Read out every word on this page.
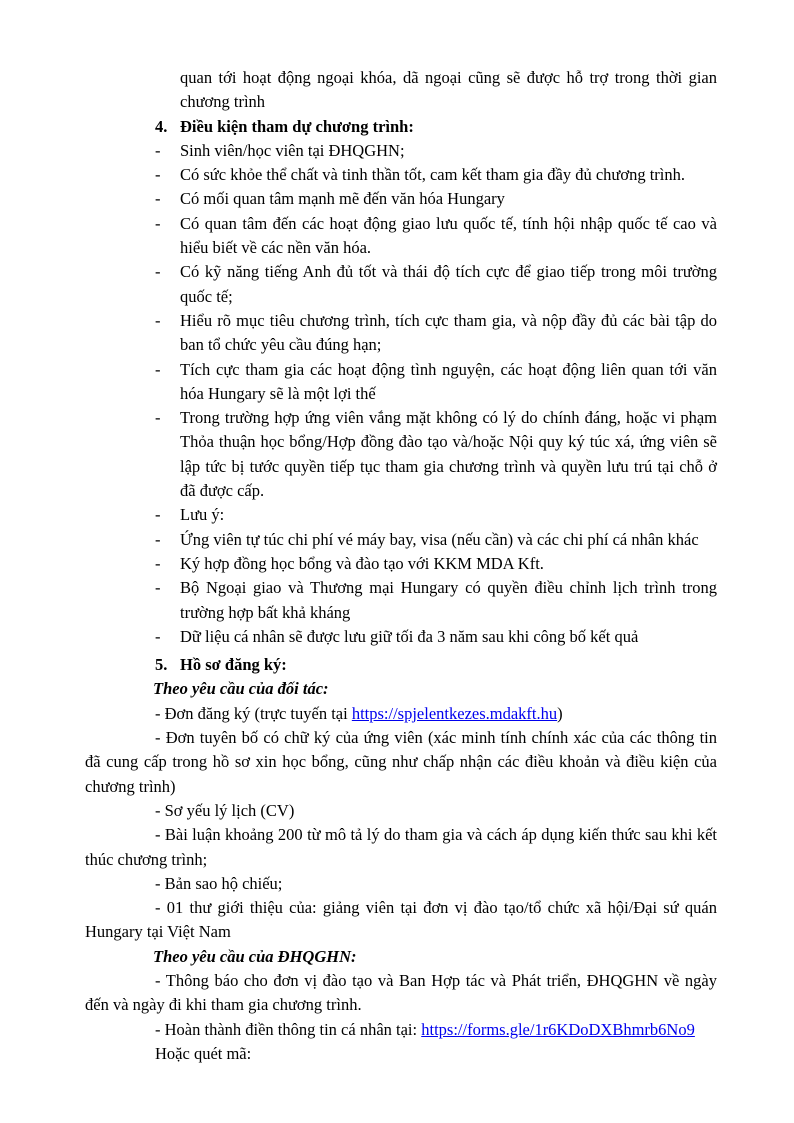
quan tới hoạt động ngoại khóa, dã ngoại cũng sẽ được hỗ trợ trong thời gian chương trình

4. Điều kiện tham dự chương trình:

- Sinh viên/học viên tại ĐHQGHN;
- Có sức khỏe thể chất và tinh thần tốt, cam kết tham gia đầy đủ chương trình.
- Có mối quan tâm mạnh mẽ đến văn hóa Hungary
- Có quan tâm đến các hoạt động giao lưu quốc tế, tính hội nhập quốc tế cao và hiểu biết về các nền văn hóa.
- Có kỹ năng tiếng Anh đủ tốt và thái độ tích cực để giao tiếp trong môi trường quốc tế;
- Hiểu rõ mục tiêu chương trình, tích cực tham gia, và nộp đầy đủ các bài tập do ban tổ chức yêu cầu đúng hạn;
- Tích cực tham gia các hoạt động tình nguyện, các hoạt động liên quan tới văn hóa Hungary sẽ là một lợi thế
- Trong trường hợp ứng viên vắng mặt không có lý do chính đáng, hoặc vi phạm Thỏa thuận học bổng/Hợp đồng đào tạo và/hoặc Nội quy ký túc xá, ứng viên sẽ lập tức bị tước quyền tiếp tục tham gia chương trình và quyền lưu trú tại chỗ ở đã được cấp.
- Lưu ý:
- Ứng viên tự túc chi phí vé máy bay, visa (nếu cần) và các chi phí cá nhân khác
- Ký hợp đồng học bổng và đào tạo với KKM MDA Kft.
- Bộ Ngoại giao và Thương mại Hungary có quyền điều chỉnh lịch trình trong trường hợp bất khả kháng
- Dữ liệu cá nhân sẽ được lưu giữ tối đa 3 năm sau khi công bố kết quả

5. Hồ sơ đăng ký:

Theo yêu cầu của đối tác:

- Đơn đăng ký (trực tuyến tại https://spjelentkezes.mdakft.hu)

- Đơn tuyên bố có chữ ký của ứng viên (xác minh tính chính xác của các thông tin đã cung cấp trong hồ sơ xin học bổng, cũng như chấp nhận các điều khoản và điều kiện của chương trình)

- Sơ yếu lý lịch (CV)

- Bài luận khoảng 200 từ mô tả lý do tham gia và cách áp dụng kiến thức sau khi kết thúc chương trình;

- Bản sao hộ chiếu;

- 01 thư giới thiệu của: giảng viên tại đơn vị đào tạo/tổ chức xã hội/Đại sứ quán Hungary tại Việt Nam

Theo yêu cầu của ĐHQGHN:

- Thông báo cho đơn vị đào tạo và Ban Hợp tác và Phát triển, ĐHQGHN về ngày đến và ngày đi khi tham gia chương trình.

- Hoàn thành điền thông tin cá nhân tại: https://forms.gle/1r6KDoDXBhmrb6No9

Hoặc quét mã:
